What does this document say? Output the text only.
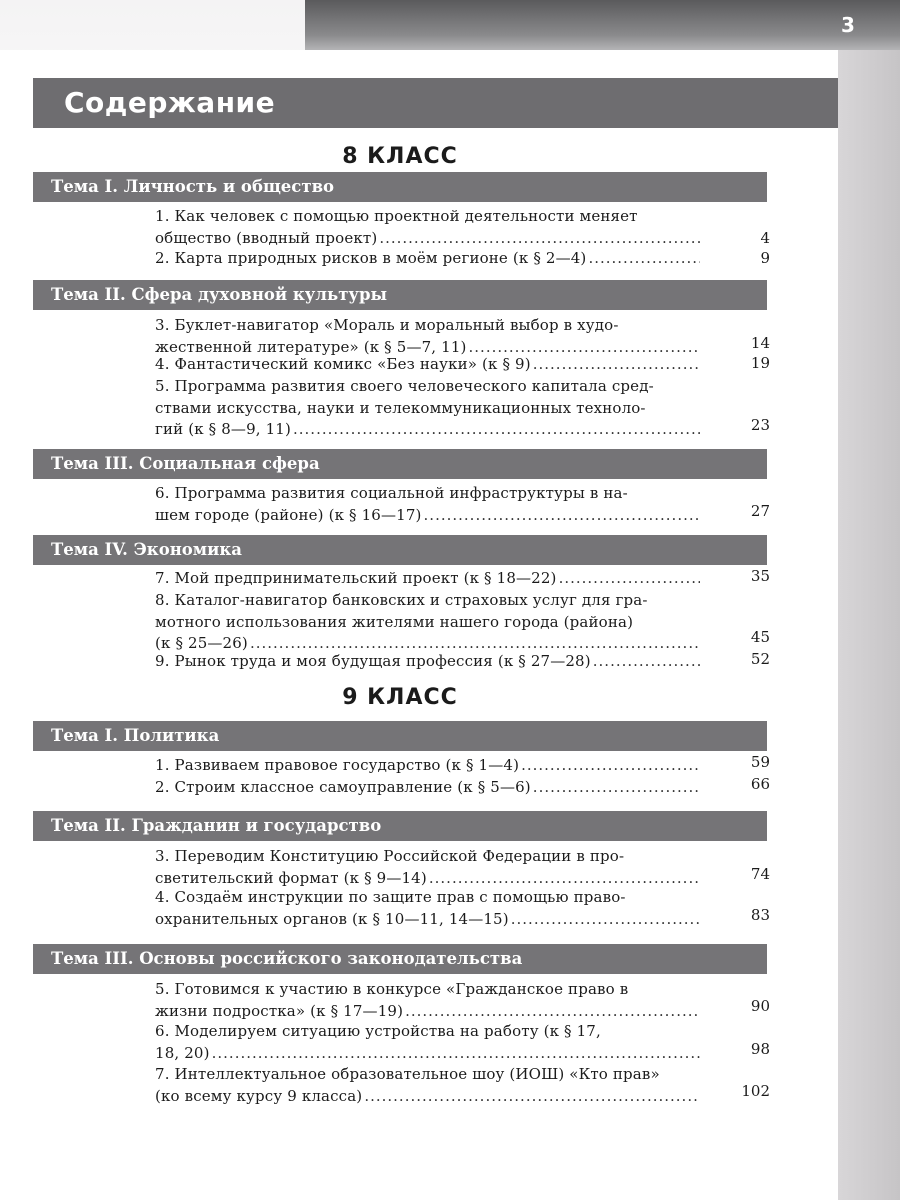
3
Содержание
8 КЛАСС
Тема I. Личность и общество
1. Как человек с помощью проектной деятельности меняет
общество (вводный проект) .....	4
2. Карта природных рисков в моём регионе (к § 2—4) .....	9
Тема II. Сфера духовной культуры
3. Буклет-навигатор «Мораль и моральный выбор в худо-
жественной литературе» (к § 5—7, 11) .....	14
4. Фантастический комикс «Без науки» (к § 9) .....	19
5. Программа развития своего человеческого капитала сред-
ствами искусства, науки и телекоммуникационных техноло-
гий (к § 8—9, 11) .....	23
Тема III. Социальная сфера
6. Программа развития социальной инфраструктуры в на-
шем городе (районе) (к § 16—17) .....	27
Тема IV. Экономика
7. Мой предпринимательский проект (к § 18—22) .....	35
8. Каталог-навигатор банковских и страховых услуг для гра-
мотного использования жителями нашего города (района)
(к § 25—26) .....	45
9. Рынок труда и моя будущая профессия (к § 27—28) .....	52
9 КЛАСС
Тема I. Политика
1. Развиваем правовое государство (к § 1—4) .....	59
2. Строим классное самоуправление (к § 5—6) .....	66
Тема II. Гражданин и государство
3. Переводим Конституцию Российской Федерации в про-
светительский формат (к § 9—14) .....	74
4. Создаём инструкции по защите прав с помощью право-
охранительных органов (к § 10—11, 14—15) .....	83
Тема III. Основы российского законодательства
5. Готовимся к участию в конкурсе «Гражданское право в
жизни подростка» (к § 17—19) .....	90
6. Моделируем ситуацию устройства на работу (к § 17,
18, 20) .....	98
7. Интеллектуальное образовательное шоу (ИОШ) «Кто прав»
(ко всему курсу 9 класса) .....	102
